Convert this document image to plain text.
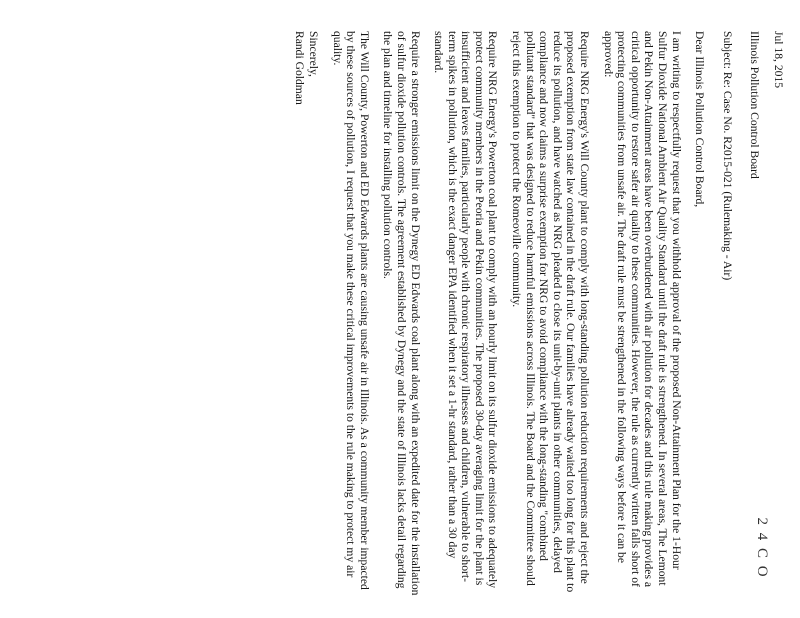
Jul 18, 2015

Illinois Pollution Control Board

Subject: Re: Case No. R2015-021 (Rulemaking - Air)

Dear Illinois Pollution Control Board,

I am writing to respectfully request that you withhold approval of the proposed Non-Attainment Plan for the 1-Hour Sulfur Dioxide National Ambient Air Quality Standard until the draft rule is strengthened. In several areas, The Lemont and Pekin Non-Attainment areas have been overburdened with air pollution for decades and this rule making provides a critical opportunity to restore safer air quality to these communities. However, the rule as currently written falls short of protecting communities from unsafe air. The draft rule must be strengthened in the following ways before it can be approved:

Require NRG Energy's Will County plant to comply with long-standing pollution reduction requirements and reject the proposed exemption from state law contained in the draft rule. Our families have already waited too long for this plant to reduce its pollution, and have watched as NRG pleaded to close its unit-by-unit plants in other communities, delayed compliance and now claims a surprise exemption for NRG to avoid compliance with the long-standing "combined pollutant standard" that was designed to reduce harmful emissions across Illinois. The Board and the Committee should reject this exemption to protect the Romeoville community.

Require NRG Energy's Powerton coal plant to comply with an hourly limit on its sulfur dioxide emissions to adequately protect community members in the Peoria and Pekin communities. The proposed 30-day averaging limit for the plant is insufficient and leaves families, particularly people with chronic respiratory illnesses and children, vulnerable to short-term spikes in pollution, which is the exact danger EPA identified when it set a 1-hr standard, rather than a 30 day standard.

Require a stronger emissions limit on the Dynegy ED Edwards coal plant along with an expedited date for the installation of sulfur dioxide pollution controls. The agreement established by Dynegy and the state of Illinois lacks detail regarding the plan and timeline for installing pollution controls.

The Will County, Powerton and ED Edwards plants are causing unsafe air in Illinois. As a community member impacted by these sources of pollution, I request that you make these critical improvements to the rule making to protect my air quality.

Sincerely,

Randi Goldman

2 4 C O
